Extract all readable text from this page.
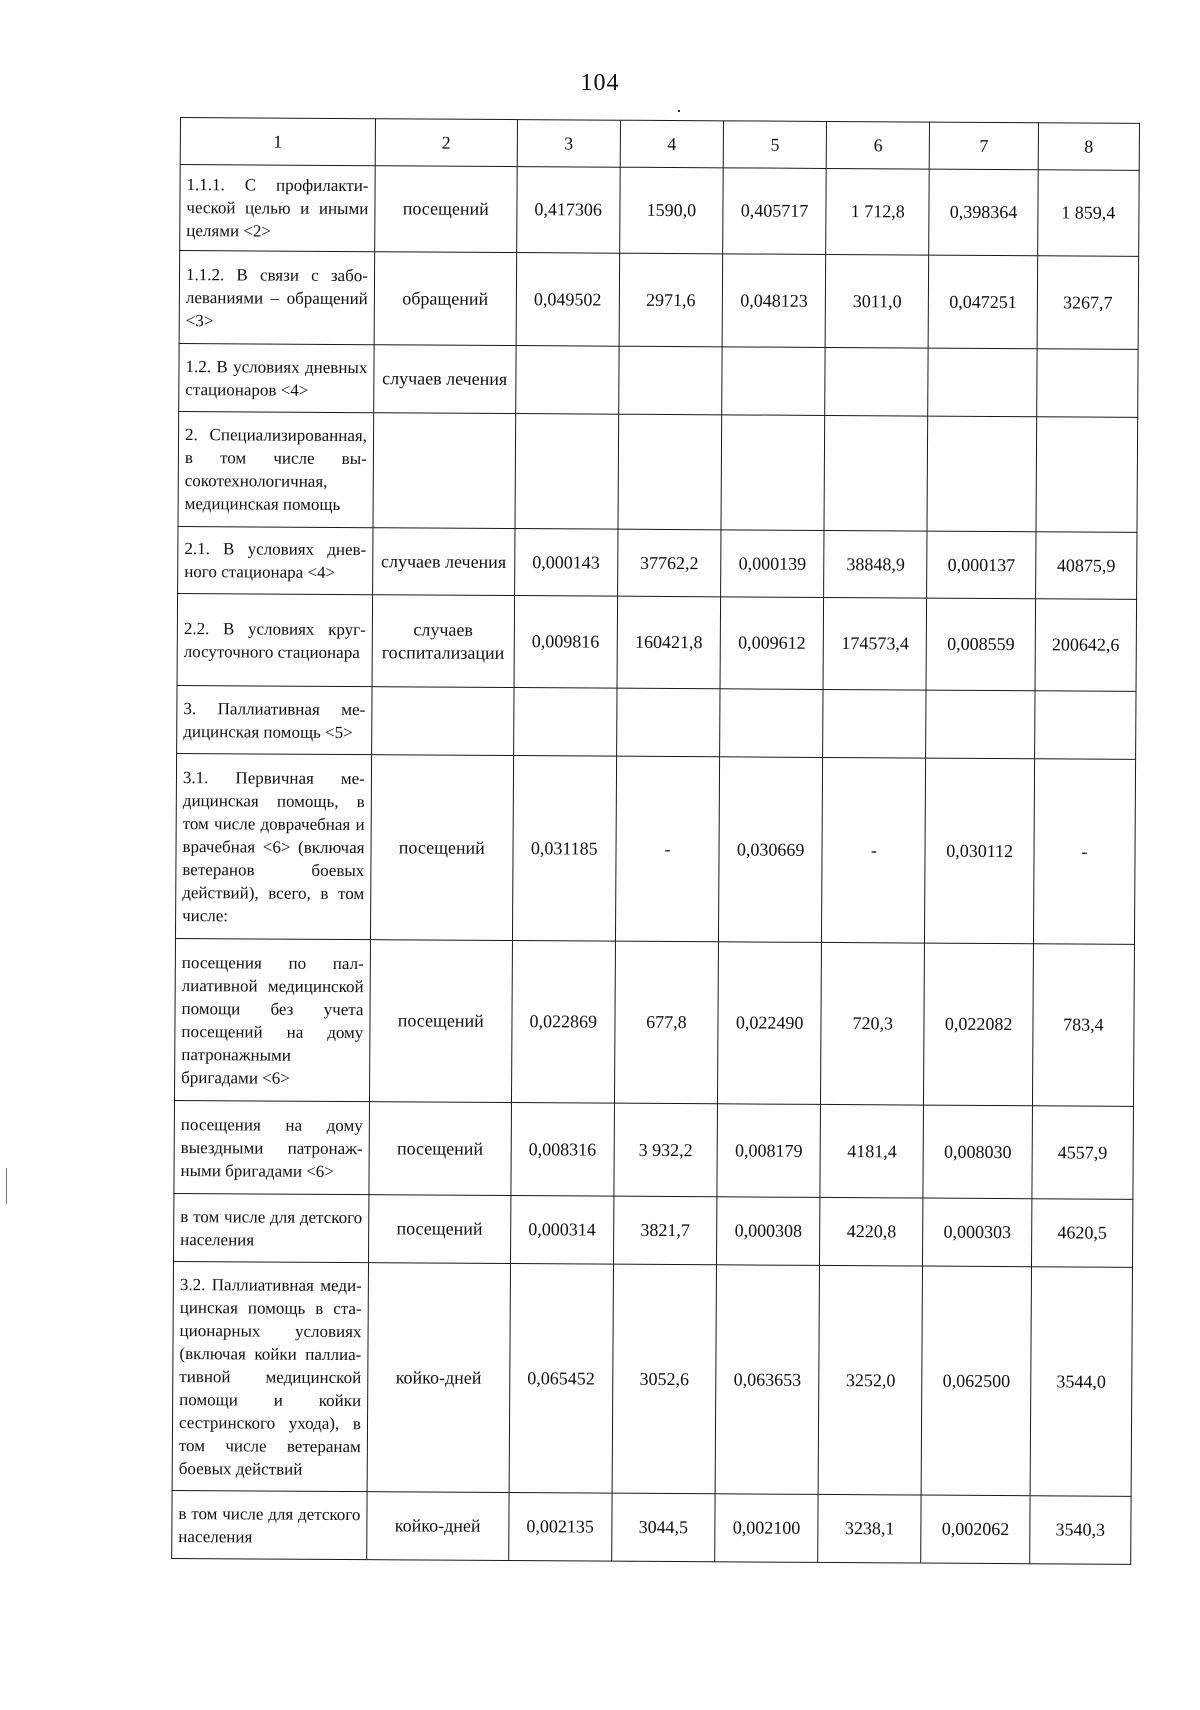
104
1	2	3	4	5	6	7	8
1.1.1. С профилактической целью и иными целями <2>	посещений	0,417306	1590,0	0,405717	1 712,8	0,398364	1 859,4
1.1.2. В связи с заболеваниями – обращений <3>	обращений	0,049502	2971,6	0,048123	3011,0	0,047251	3267,7
1.2. В условиях дневных стационаров <4>	случаев лечения						
2. Специализированная, в том числе высокотехнологичная, медицинская помощь							
2.1. В условиях дневного стационара <4>	случаев лечения	0,000143	37762,2	0,000139	38848,9	0,000137	40875,9
2.2. В условиях круглосуточного стационара	случаев госпитализации	0,009816	160421,8	0,009612	174573,4	0,008559	200642,6
3. Паллиативная медицинская помощь <5>							
3.1. Первичная медицинская помощь, в том числе доврачебная и врачебная <6> (включая ветеранов боевых действий), всего, в том числе:	посещений	0,031185	-	0,030669	-	0,030112	-
посещения по паллиативной медицинской помощи без учета посещений на дому патронажными бригадами <6>	посещений	0,022869	677,8	0,022490	720,3	0,022082	783,4
посещения на дому выездными патронажными бригадами <6>	посещений	0,008316	3 932,2	0,008179	4181,4	0,008030	4557,9
в том числе для детского населения	посещений	0,000314	3821,7	0,000308	4220,8	0,000303	4620,5
3.2. Паллиативная медицинская помощь в стационарных условиях (включая койки паллиативной медицинской помощи и койки сестринского ухода), в том числе ветеранам боевых действий	койко-дней	0,065452	3052,6	0,063653	3252,0	0,062500	3544,0
в том числе для детского населения	койко-дней	0,002135	3044,5	0,002100	3238,1	0,002062	3540,3
